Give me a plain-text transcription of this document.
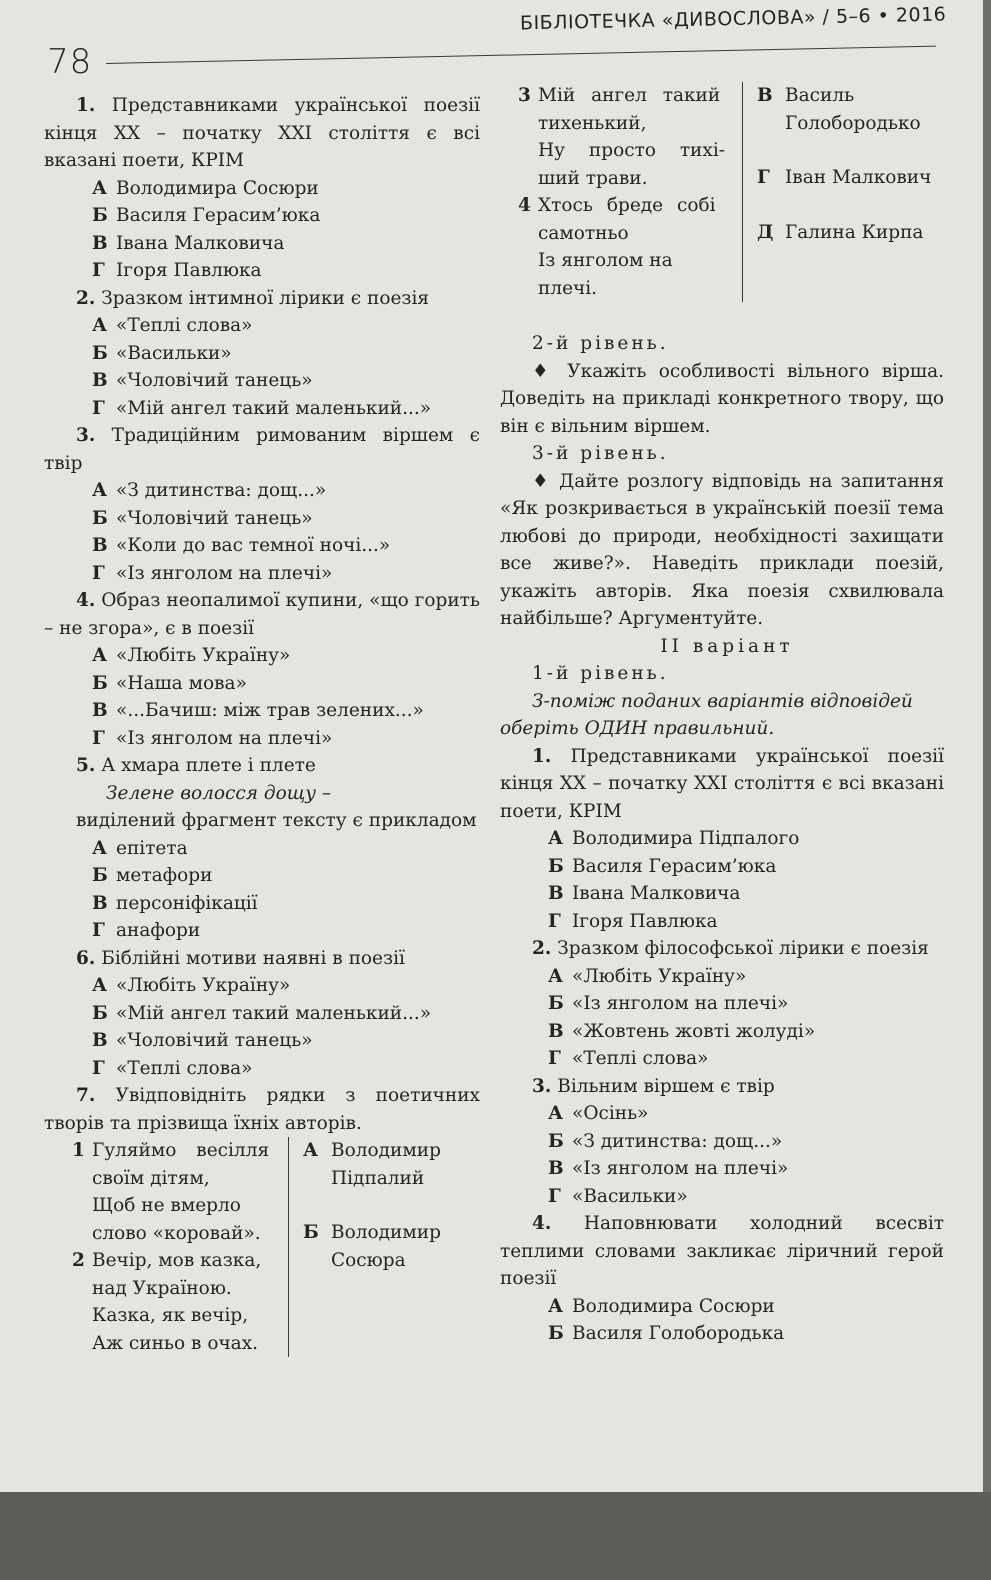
БІБЛІОТЕЧКА «ДИВОСЛОВА» / 5–6 • 2016
78

1. Представниками української поезії кінця XX – початку XXI століття є всі вказані поети, КРІМ

А Володимира Сосюри

Б Василя Герасим’юка

В Івана Малковича

Г Ігоря Павлюка

2. Зразком інтимної лірики є поезія

А «Теплі слова»

Б «Васильки»

В «Чоловічий танець»

Г «Мій ангел такий маленький...»

3. Традиційним римованим віршем є твір

А «З дитинства: дощ...»

Б «Чоловічий танець»

В «Коли до вас темної ночі...»

Г «Із янголом на плечі»

4. Образ неопалимої купини, «що горить – не згора», є в поезії

А «Любіть Україну»

Б «Наша мова»

В «...Бачиш: між трав зелених...»

Г «Із янголом на плечі»

5. А хмара плете і плете

Зелене волосся дощу –

виділений фрагмент тексту є прикладом

А епітета

Б метафори

В персоніфікації

Г анафори

6. Біблійні мотиви наявні в поезії

А «Любіть Україну»

Б «Мій ангел такий маленький...»

В «Чоловічий танець»

Г «Теплі слова»

7. Увідповідніть рядки з поетичних творів та прізвища їхніх авторів.

1 Гуляймо весілля
своїм дітям,
Щоб не вмерло
слово «коровай».
2 Вечір, мов казка,
над Україною.
Казка, як вечір,
Аж синьо в очах.
А Володимир
Підпалий
Б Володимир
Сосюра
3 Мій ангел такий
тихенький,
Ну просто тихі-
ший трави.
4 Хтось бреде собі
самотньо
Із янголом на
плечі.
В Василь
Голобородько
Г Іван Малкович
Д Галина Кирпа

2-й рівень.

♦ Укажіть особливості вільного вірша. Доведіть на прикладі конкретного твору, що він є вільним віршем.

3-й рівень.

♦ Дайте розлогу відповідь на запитання «Як розкривається в українській поезії тема любові до природи, необхідності захищати все живе?». Наведіть приклади поезій, укажіть авторів. Яка поезія схвилювала найбільше? Аргументуйте.

II варіант

1-й рівень.

З-поміж поданих варіантів відповідей оберіть ОДИН правильний.

1. Представниками української поезії кінця XX – початку XXI століття є всі вказані поети, КРІМ

А Володимира Підпалого

Б Василя Герасим’юка

В Івана Малковича

Г Ігоря Павлюка

2. Зразком філософської лірики є поезія

А «Любіть Україну»

Б «Із янголом на плечі»

В «Жовтень жовті жолуді»

Г «Теплі слова»

3. Вільним віршем є твір

А «Осінь»

Б «З дитинства: дощ...»

В «Із янголом на плечі»

Г «Васильки»

4. Наповнювати холодний всесвіт теплими словами закликає ліричний герой поезії

А Володимира Сосюри

Б Василя Голобородька
